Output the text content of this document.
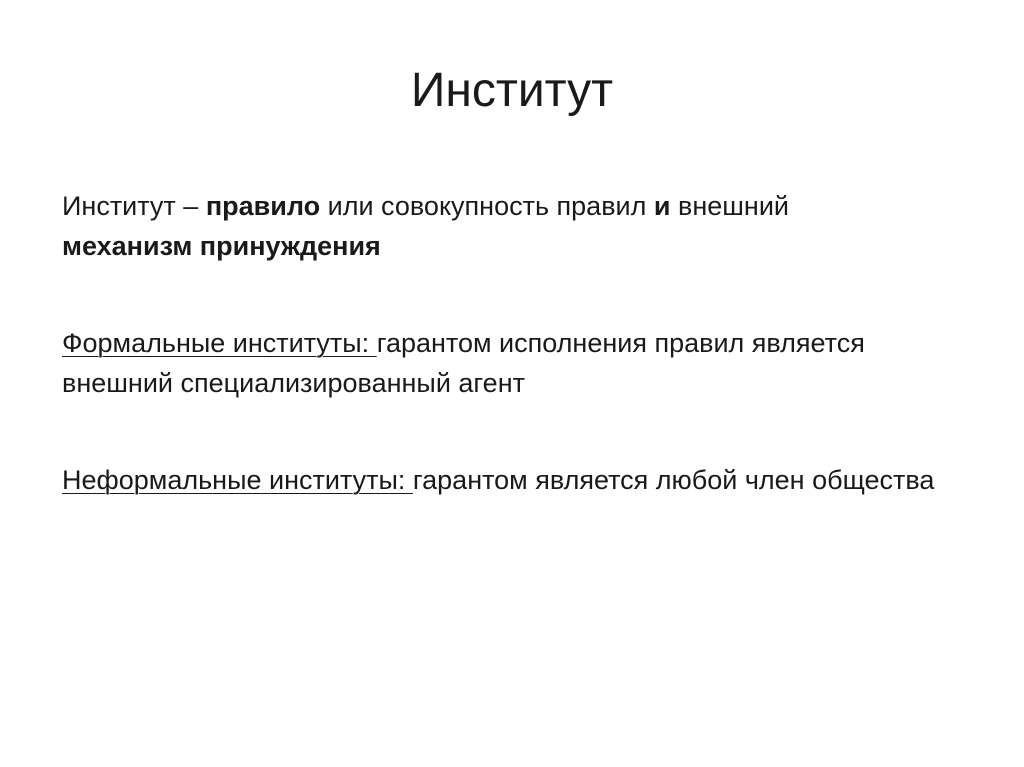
Институт

Институт – правило или совокупность правил и внешний
механизм принуждения

Формальные институты: гарантом исполнения правил является внешний специализированный агент

Неформальные институты: гарантом является любой член общества
